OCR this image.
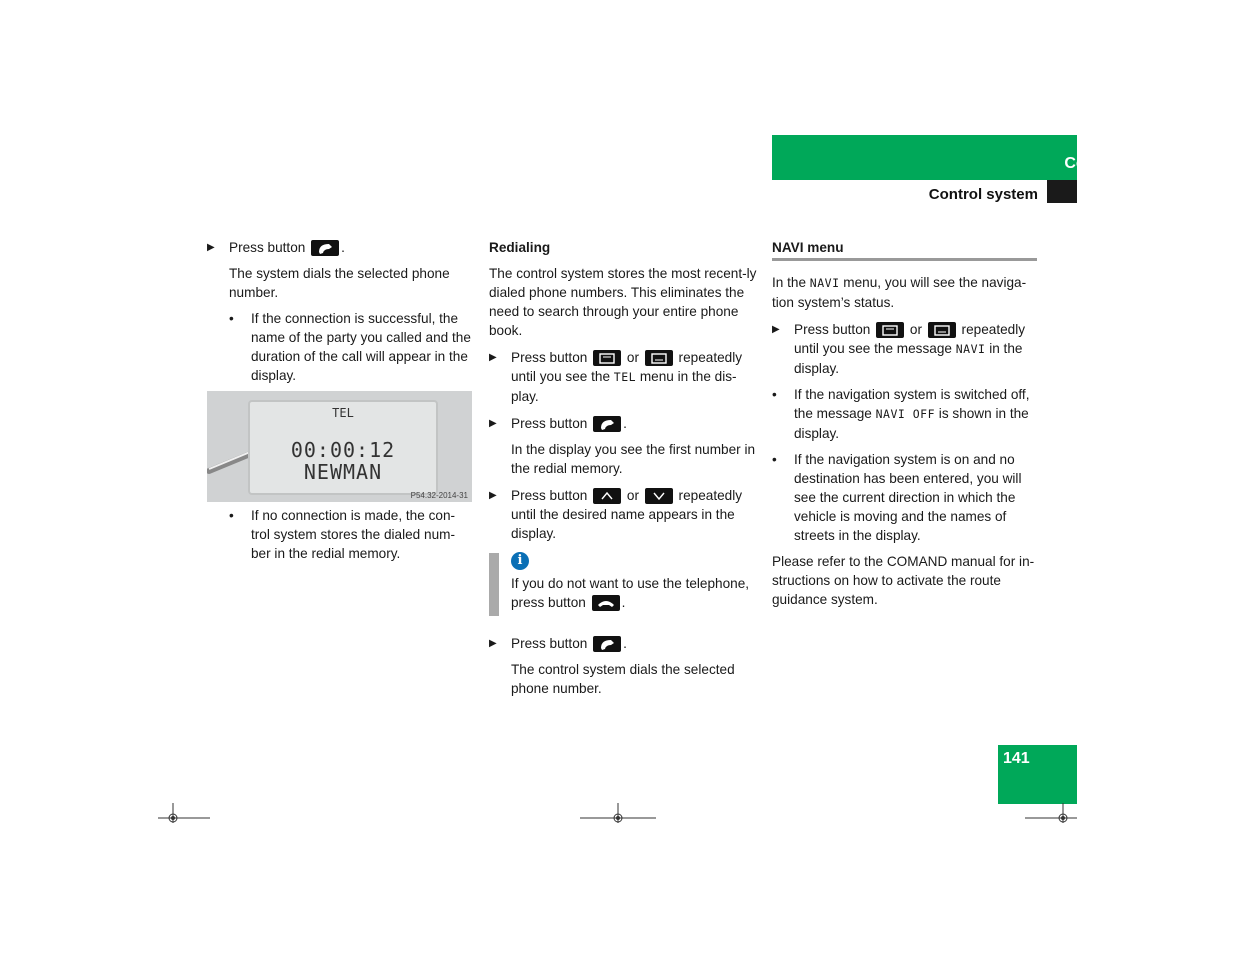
Controls in detail
Control system
▶ Press button	.

The system dials the selected phone number.

• If the connection is successful, the name of the party you called and the duration of the call will appear in the display.
TEL
00:00:12
NEWMAN
P54.32-2014-31
• If no connection is made, the con-trol system stores the dialed num-ber in the redial memory.

Redialing

The control system stores the most recent-ly dialed phone numbers. This eliminates the need to search through your entire phone book.

▶ Press button	or	repeatedly until you see the TEL menu in the dis-play.
▶ Press button	.

In the display you see the first number in the redial memory.

▶ Press button	or	repeatedly until the desired name appears in the display.
i
If you do not want to use the telephone, press button	.
▶ Press button	.

The control system dials the selected phone number.

NAVI menu

In the NAVI menu, you will see the naviga-tion system’s status.

▶ Press button	or	repeatedly until you see the message NAVI in the display.
• If the navigation system is switched off, the message NAVI OFF is shown in the display.
• If the navigation system is on and no destination has been entered, you will see the current direction in which the vehicle is moving and the names of streets in the display.

Please refer to the COMAND manual for in-structions on how to activate the route guidance system.

141
